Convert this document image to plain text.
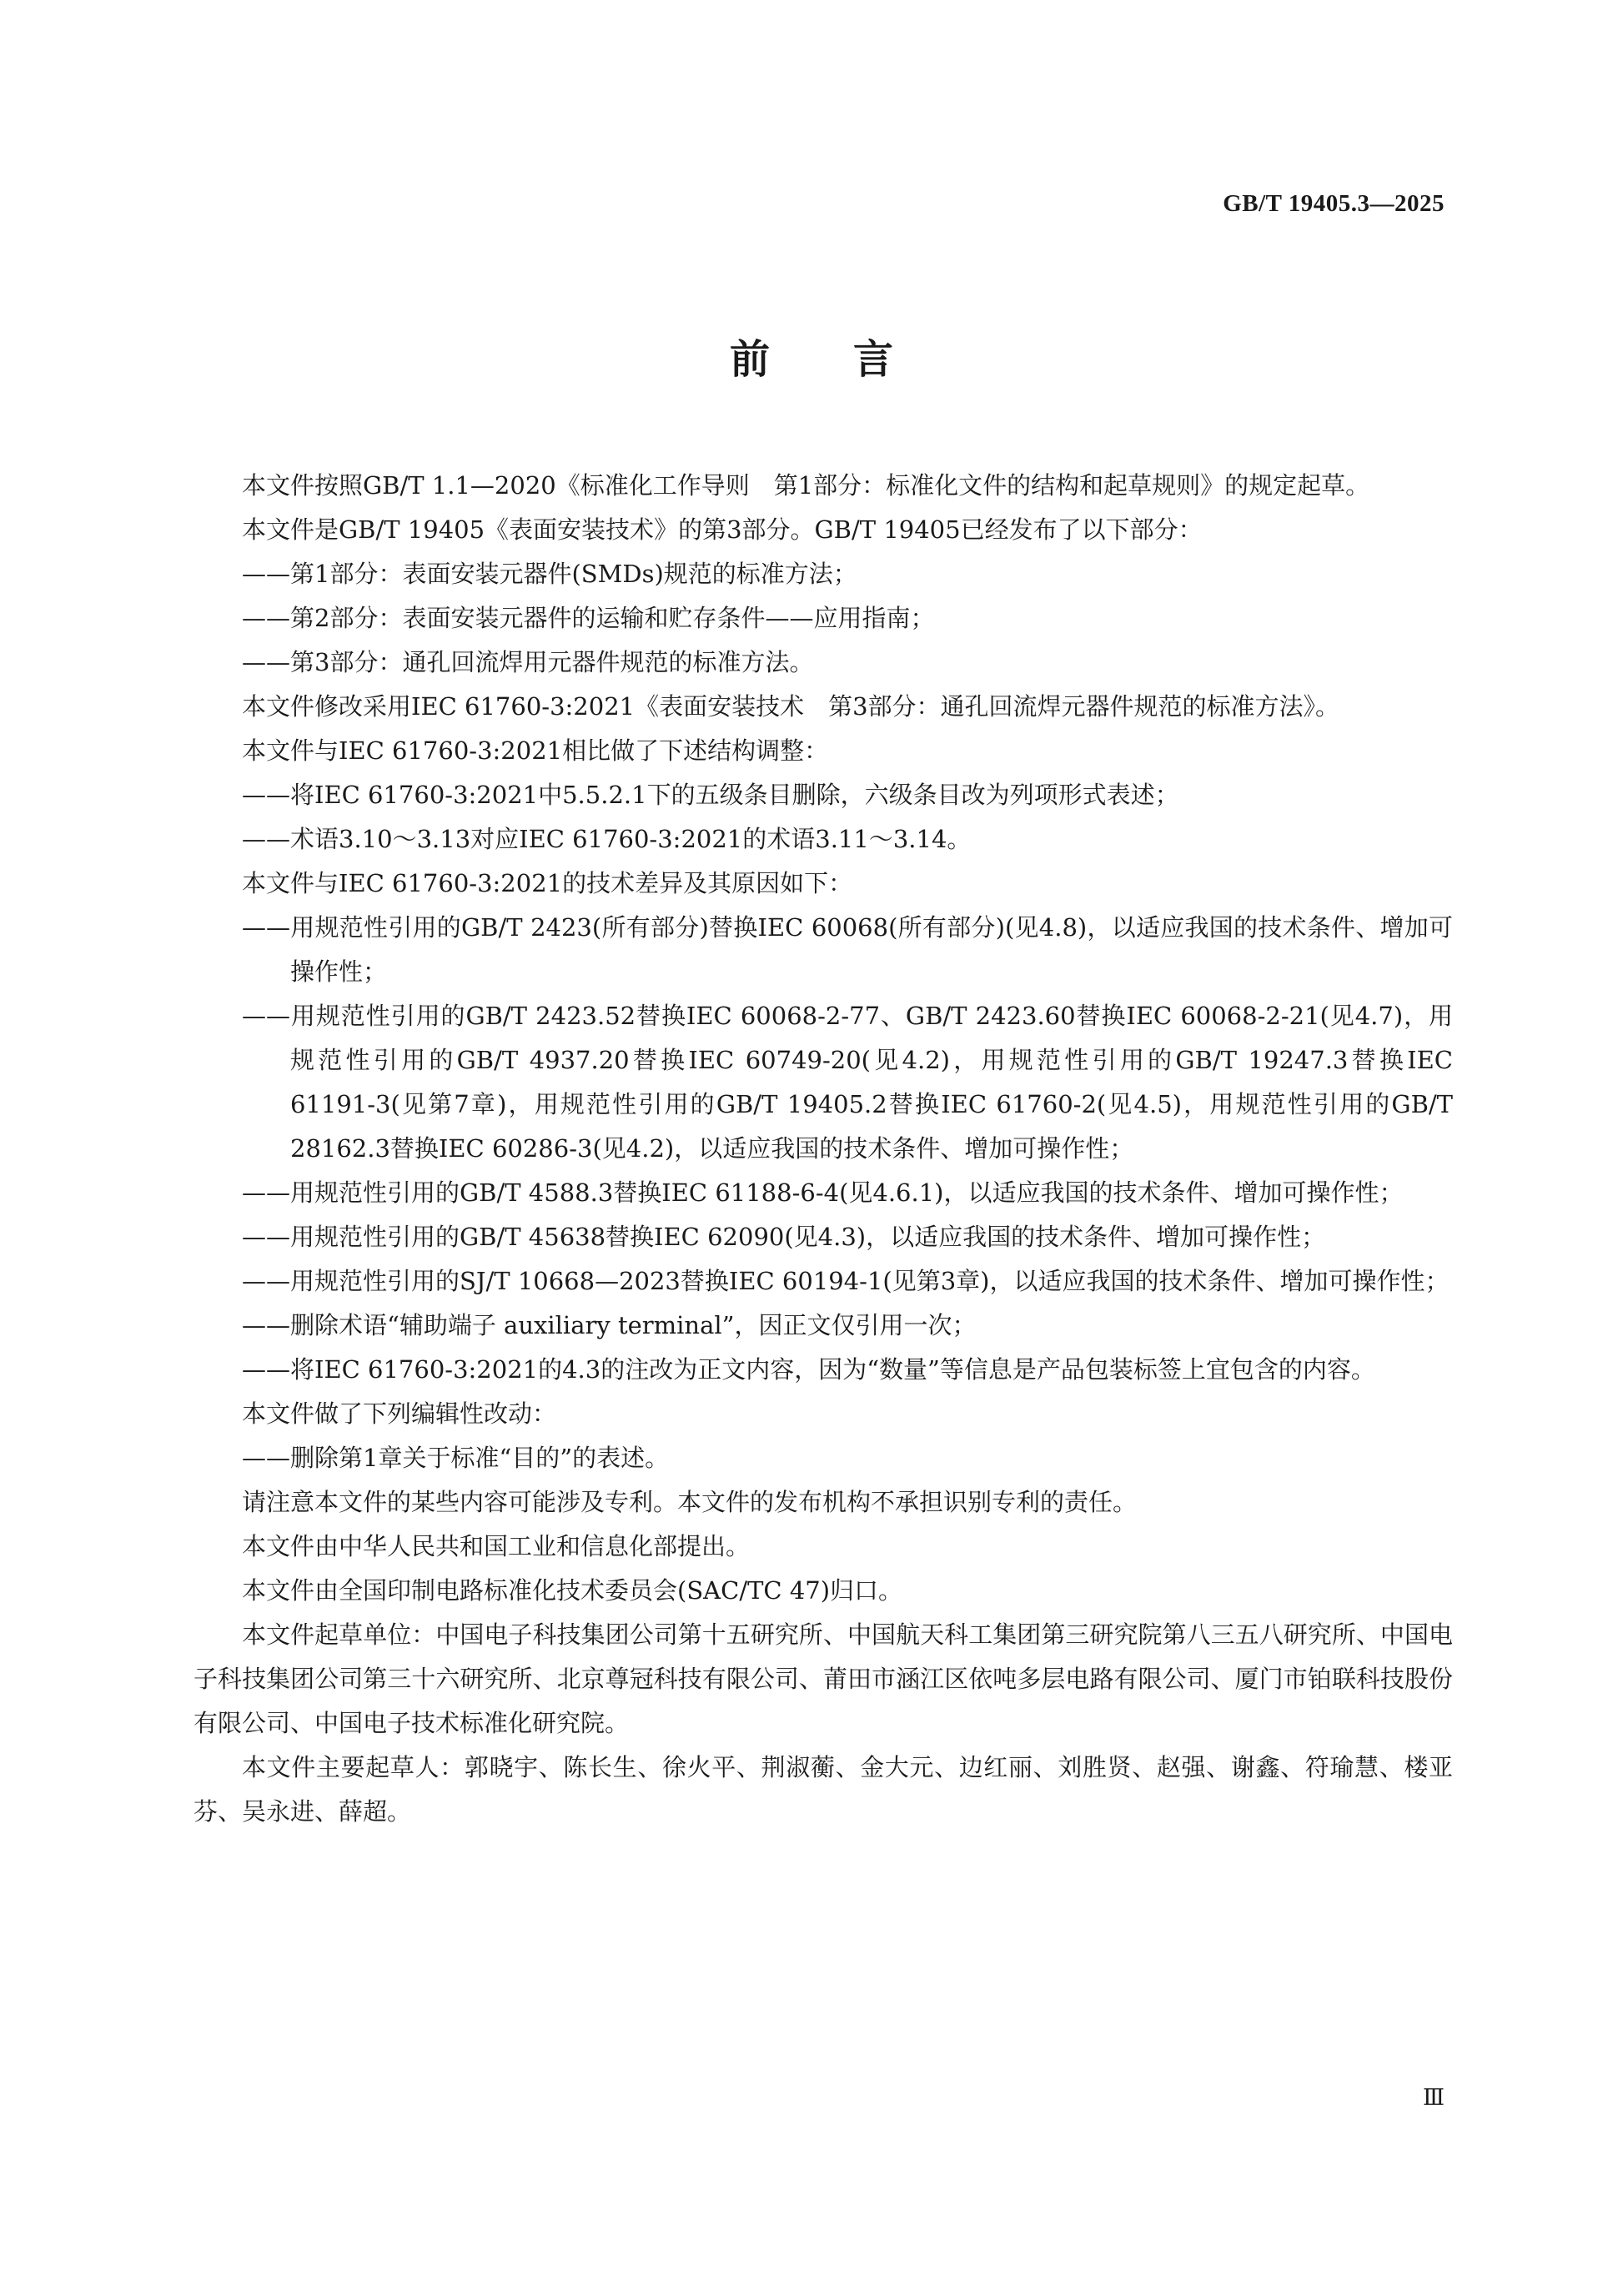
GB/T 19405.3—2025
前言

本文件按照GB/T 1.1—2020《标准化工作导则　第1部分：标准化文件的结构和起草规则》的规定起草。

本文件是GB/T 19405《表面安装技术》的第3部分。GB/T 19405已经发布了以下部分：

——第1部分：表面安装元器件(SMDs)规范的标准方法；

——第2部分：表面安装元器件的运输和贮存条件——应用指南；

——第3部分：通孔回流焊用元器件规范的标准方法。

本文件修改采用IEC 61760-3:2021《表面安装技术　第3部分：通孔回流焊元器件规范的标准方法》。

本文件与IEC 61760-3:2021相比做了下述结构调整：

——将IEC 61760-3:2021中5.5.2.1下的五级条目删除，六级条目改为列项形式表述；

——术语3.10～3.13对应IEC 61760-3:2021的术语3.11～3.14。

本文件与IEC 61760-3:2021的技术差异及其原因如下：

——用规范性引用的GB/T 2423(所有部分)替换IEC 60068(所有部分)(见4.8)，以适应我国的技术条件、增加可操作性；

——用规范性引用的GB/T 2423.52替换IEC 60068-2-77、GB/T 2423.60替换IEC 60068-2-21(见4.7)，用规范性引用的GB/T 4937.20替换IEC 60749-20(见4.2)，用规范性引用的GB/T 19247.3替换IEC 61191-3(见第7章)，用规范性引用的GB/T 19405.2替换IEC 61760-2(见4.5)，用规范性引用的GB/T 28162.3替换IEC 60286-3(见4.2)，以适应我国的技术条件、增加可操作性；

——用规范性引用的GB/T 4588.3替换IEC 61188-6-4(见4.6.1)，以适应我国的技术条件、增加可操作性；

——用规范性引用的GB/T 45638替换IEC 62090(见4.3)，以适应我国的技术条件、增加可操作性；

——用规范性引用的SJ/T 10668—2023替换IEC 60194-1(见第3章)，以适应我国的技术条件、增加可操作性；

——删除术语“辅助端子 auxiliary terminal”，因正文仅引用一次；

——将IEC 61760-3:2021的4.3的注改为正文内容，因为“数量”等信息是产品包装标签上宜包含的内容。

本文件做了下列编辑性改动：

——删除第1章关于标准“目的”的表述。

请注意本文件的某些内容可能涉及专利。本文件的发布机构不承担识别专利的责任。

本文件由中华人民共和国工业和信息化部提出。

本文件由全国印制电路标准化技术委员会(SAC/TC 47)归口。

本文件起草单位：中国电子科技集团公司第十五研究所、中国航天科工集团第三研究院第八三五八研究所、中国电子科技集团公司第三十六研究所、北京尊冠科技有限公司、莆田市涵江区依吨多层电路有限公司、厦门市铂联科技股份有限公司、中国电子技术标准化研究院。

本文件主要起草人：郭晓宇、陈长生、徐火平、荆淑蘅、金大元、边红丽、刘胜贤、赵强、谢鑫、符瑜慧、楼亚芬、吴永进、薛超。

Ⅲ
